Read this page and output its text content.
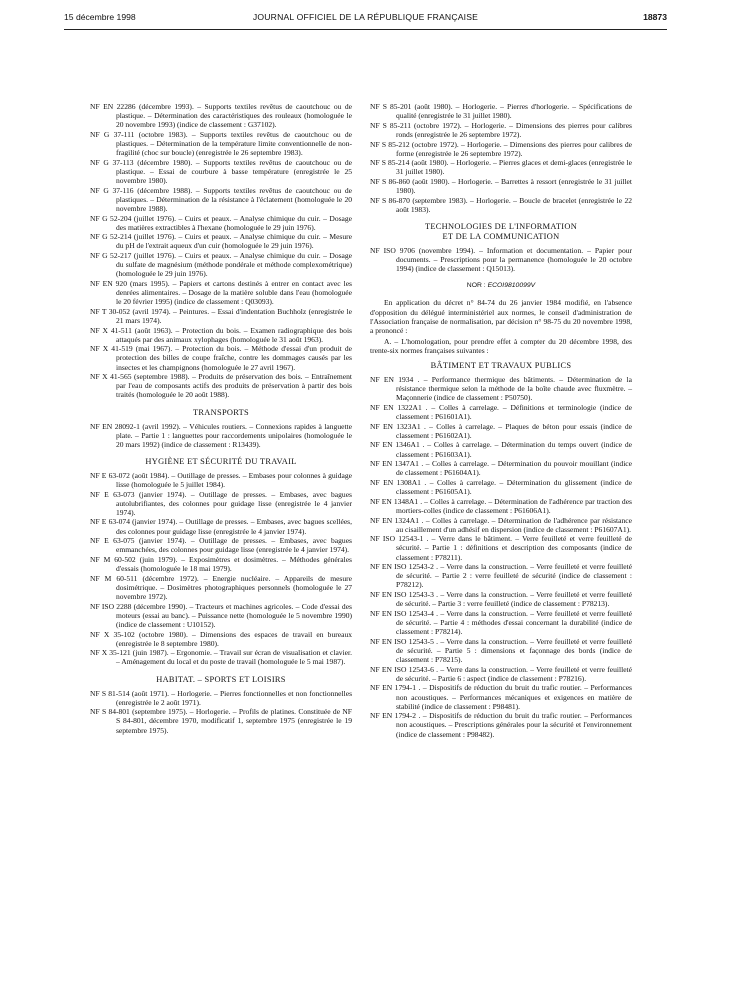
15 décembre 1998	JOURNAL OFFICIEL DE LA RÉPUBLIQUE FRANÇAISE	18873

NF EN 22286 (décembre 1993). – Supports textiles revêtus de caoutchouc ou de plastique. – Détermination des caractéristiques des rouleaux (homologuée le 20 novembre 1993) (indice de classement : G37102).

NF G 37-111 (octobre 1983). – Supports textiles revêtus de caoutchouc ou de plastiques. – Détermination de la température limite conventionnelle de non-fragilité (choc sur boucle) (enregistrée le 26 septembre 1983).

NF G 37-113 (décembre 1980). – Supports textiles revêtus de caoutchouc ou de plastique. – Essai de courbure à basse température (enregistrée le 25 novembre 1980).

NF G 37-116 (décembre 1988). – Supports textiles revêtus de caoutchouc ou de plastiques. – Détermination de la résistance à l'éclatement (homologuée le 20 novembre 1988).

NF G 52-204 (juillet 1976). – Cuirs et peaux. – Analyse chimique du cuir. – Dosage des matières extractibles à l'hexane (homologuée le 29 juin 1976).

NF G 52-214 (juillet 1976). – Cuirs et peaux. – Analyse chimique du cuir. – Mesure du pH de l'extrait aqueux d'un cuir (homologuée le 29 juin 1976).

NF G 52-217 (juillet 1976). – Cuirs et peaux. – Analyse chimique du cuir. – Dosage du sulfate de magnésium (méthode pondérale et méthode complexométrique) (homologuée le 29 juin 1976).

NF EN 920 (mars 1995). – Papiers et cartons destinés à entrer en contact avec les denrées alimentaires. – Dosage de la matière soluble dans l'eau (homologuée le 20 février 1995) (indice de classement : Q03093).

NF T 30-052 (avril 1974). – Peintures. – Essai d'indentation Buchholz (enregistrée le 21 mars 1974).

NF X 41-511 (août 1963). – Protection du bois. – Examen radiographique des bois attaqués par des animaux xylophages (homologuée le 31 août 1963).

NF X 41-519 (mai 1967). – Protection du bois. – Méthode d'essai d'un produit de protection des billes de coupe fraîche, contre les dommages causés par les insectes et les champignons (homologuée le 27 avril 1967).

NF X 41-565 (septembre 1988). – Produits de préservation des bois. – Entraînement par l'eau de composants actifs des produits de préservation à partir des bois traités (homologuée le 20 août 1988).

TRANSPORTS

NF EN 28092-1 (avril 1992). – Véhicules routiers. – Connexions rapides à languette plate. – Partie 1 : languettes pour raccordements unipolaires (homologuée le 20 mars 1992) (indice de classement : R13439).

HYGIÈNE ET SÉCURITÉ DU TRAVAIL

NF E 63-072 (août 1984). – Outillage de presses. – Embases pour colonnes à guidage lisse (homologuée le 5 juillet 1984).

NF E 63-073 (janvier 1974). – Outillage de presses. – Embases, avec bagues autolubrifiantes, des colonnes pour guidage lisse (enregistrée le 4 janvier 1974).

NF E 63-074 (janvier 1974). – Outillage de presses. – Embases, avec bagues scellées, des colonnes pour guidage lisse (enregistrée le 4 janvier 1974).

NF E 63-075 (janvier 1974). – Outillage de presses. – Embases, avec bagues emmanchées, des colonnes pour guidage lisse (enregistrée le 4 janvier 1974).

NF M 60-502 (juin 1979). – Exposimètres et dosimètres. – Méthodes générales d'essais (homologuée le 18 mai 1979).

NF M 60-511 (décembre 1972). – Energie nucléaire. – Appareils de mesure dosimétrique. – Dosimètres photographiques personnels (homologuée le 27 novembre 1972).

NF ISO 2288 (décembre 1990). – Tracteurs et machines agricoles. – Code d'essai des moteurs (essai au banc). – Puissance nette (homologuée le 5 novembre 1990) (indice de classement : U10152).

NF X 35-102 (octobre 1980). – Dimensions des espaces de travail en bureaux (enregistrée le 8 septembre 1980).

NF X 35-121 (juin 1987). – Ergonomie. – Travail sur écran de visualisation et clavier. – Aménagement du local et du poste de travail (homologuée le 5 mai 1987).

HABITAT. – SPORTS ET LOISIRS

NF S 81-514 (août 1971). – Horlogerie. – Pierres fonctionnelles et non fonctionnelles (enregistrée le 2 août 1971).

NF S 84-801 (septembre 1975). – Horlogerie. – Profils de platines. Constituée de NF S 84-801, décembre 1970, modificatif 1, septembre 1975 (enregistrée le 19 septembre 1975).

NF S 85-201 (août 1980). – Horlogerie. – Pierres d'horlogerie. – Spécifications de qualité (enregistrée le 31 juillet 1980).

NF S 85-211 (octobre 1972). – Horlogerie. – Dimensions des pierres pour calibres ronds (enregistrée le 26 septembre 1972).

NF S 85-212 (octobre 1972). – Horlogerie. – Dimensions des pierres pour calibres de forme (enregistrée le 26 septembre 1972).

NF S 85-214 (août 1980). – Horlogerie. – Pierres glaces et demi-glaces (enregistrée le 31 juillet 1980).

NF S 86-860 (août 1980). – Horlogerie. – Barrettes à ressort (enregistrée le 31 juillet 1980).

NF S 86-870 (septembre 1983). – Horlogerie. – Boucle de bracelet (enregistrée le 22 août 1983).

TECHNOLOGIES DE L'INFORMATION
ET DE LA COMMUNICATION

NF ISO 9706 (novembre 1994). – Information et documentation. – Papier pour documents. – Prescriptions pour la permanence (homologuée le 20 octobre 1994) (indice de classement : Q15013).

NOR : ECOI9810099V

En application du décret n° 84-74 du 26 janvier 1984 modifié, en l'absence d'opposition du délégué interministériel aux normes, le conseil d'administration de l'Association française de normalisation, par décision n° 98-75 du 20 novembre 1998, a prononcé :

A. – L'homologation, pour prendre effet à compter du 20 décembre 1998, des trente-six normes françaises suivantes :

BÂTIMENT ET TRAVAUX PUBLICS

NF EN 1934 . – Performance thermique des bâtiments. – Détermination de la résistance thermique selon la méthode de la boîte chaude avec fluxmètre. – Maçonnerie (indice de classement : P50750).

NF EN 1322A1 . – Colles à carrelage. – Définitions et terminologie (indice de classement : P61601A1).

NF EN 1323A1 . – Colles à carrelage. – Plaques de béton pour essais (indice de classement : P61602A1).

NF EN 1346A1 . – Colles à carrelage. – Détermination du temps ouvert (indice de classement : P61603A1).

NF EN 1347A1 . – Colles à carrelage. – Détermination du pouvoir mouillant (indice de classement : P61604A1).

NF EN 1308A1 . – Colles à carrelage. – Détermination du glissement (indice de classement : P61605A1).

NF EN 1348A1 . – Colles à carrelage. – Détermination de l'adhérence par traction des mortiers-colles (indice de classement : P61606A1).

NF EN 1324A1 . – Colles à carrelage. – Détermination de l'adhérence par résistance au cisaillement d'un adhésif en dispersion (indice de classement : P61607A1).

NF ISO 12543-1 . – Verre dans le bâtiment. – Verre feuilleté et verre feuilleté de sécurité. – Partie 1 : définitions et description des composants (indice de classement : P78211).

NF EN ISO 12543-2 . – Verre dans la construction. – Verre feuilleté et verre feuilleté de sécurité. – Partie 2 : verre feuilleté de sécurité (indice de classement : P78212).

NF EN ISO 12543-3 . – Verre dans la construction. – Verre feuilleté et verre feuilleté de sécurité. – Partie 3 : verre feuilleté (indice de classement : P78213).

NF EN ISO 12543-4 . – Verre dans la construction. – Verre feuilleté et verre feuilleté de sécurité. – Partie 4 : méthodes d'essai concernant la durabilité (indice de classement : P78214).

NF EN ISO 12543-5 . – Verre dans la construction. – Verre feuilleté et verre feuilleté de sécurité. – Partie 5 : dimensions et façonnage des bords (indice de classement : P78215).

NF EN ISO 12543-6 . – Verre dans la construction. – Verre feuilleté et verre feuilleté de sécurité. – Partie 6 : aspect (indice de classement : P78216).

NF EN 1794-1 . – Dispositifs de réduction du bruit du trafic routier. – Performances non acoustiques. – Performances mécaniques et exigences en matière de stabilité (indice de classement : P98481).

NF EN 1794-2 . – Dispositifs de réduction du bruit du trafic routier. – Performances non acoustiques. – Prescriptions générales pour la sécurité et l'environnement (indice de classement : P98482).
